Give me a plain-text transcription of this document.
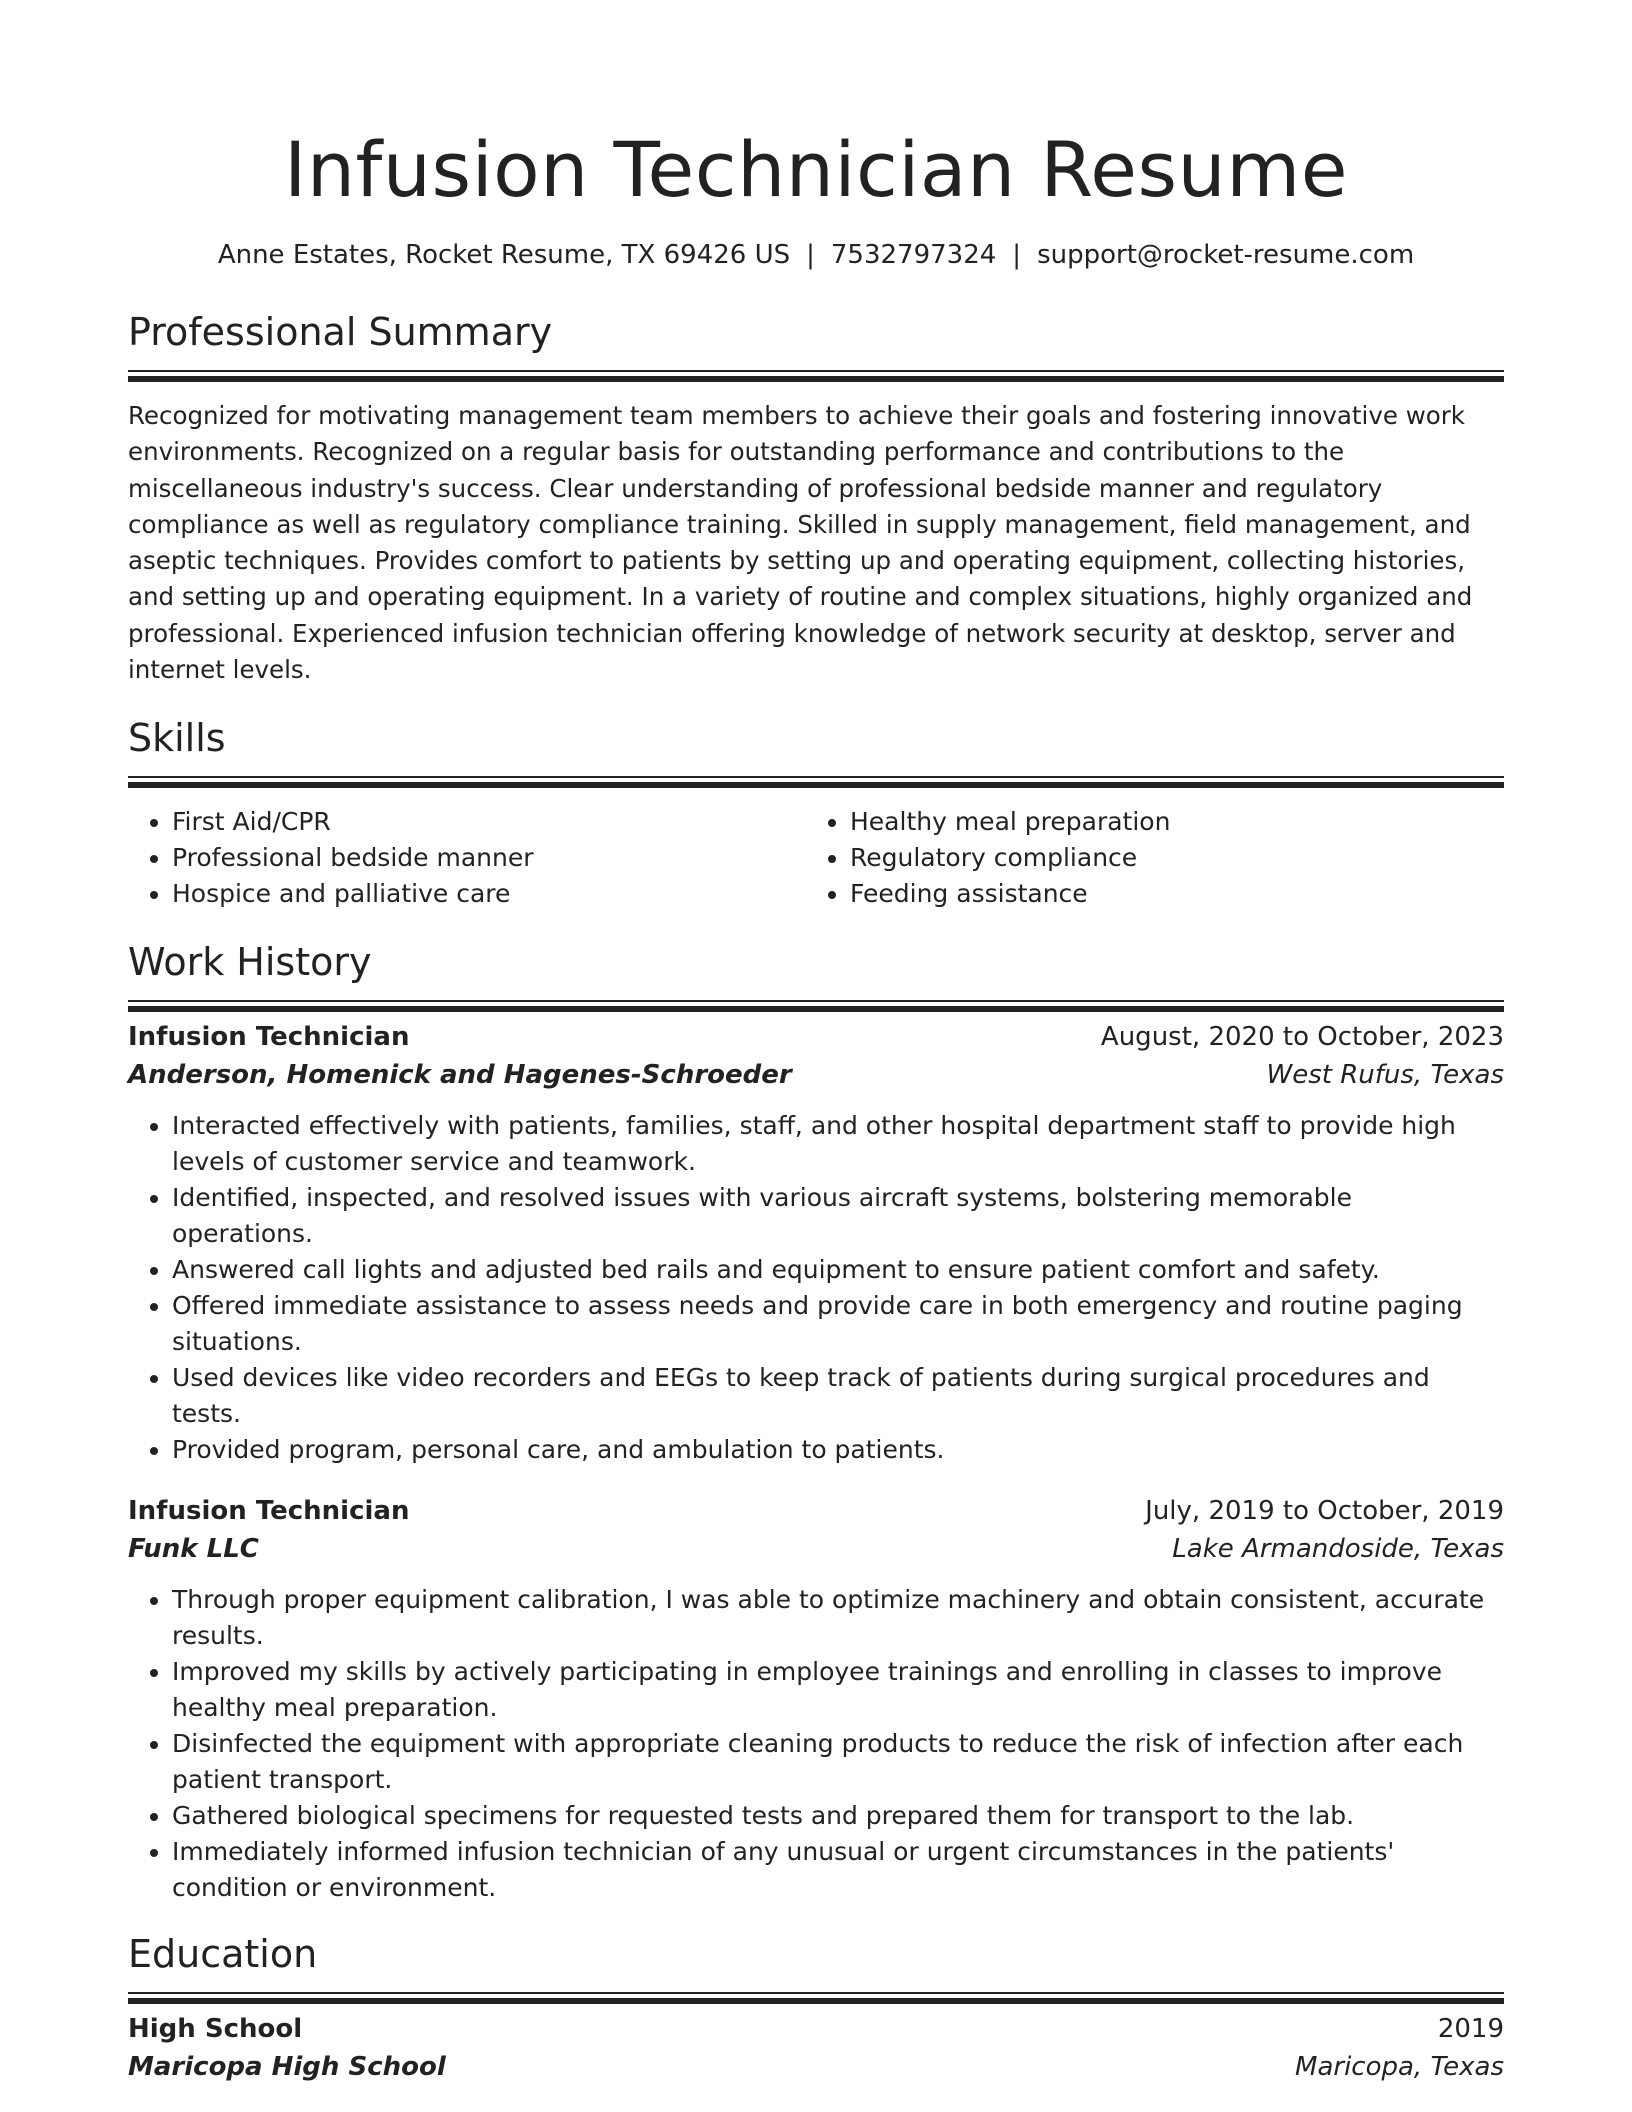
Infusion Technician Resume
Anne Estates, Rocket Resume, TX 69426 US | 7532797324 | support@rocket-resume.com
Professional Summary

Recognized for motivating management team members to achieve their goals and fostering innovative work environments. Recognized on a regular basis for outstanding performance and contributions to the miscellaneous industry's success. Clear understanding of professional bedside manner and regulatory compliance as well as regulatory compliance training. Skilled in supply management, field management, and aseptic techniques. Provides comfort to patients by setting up and operating equipment, collecting histories, and setting up and operating equipment. In a variety of routine and complex situations, highly organized and professional. Experienced infusion technician offering knowledge of network security at desktop, server and internet levels.

Skills
• First Aid/CPR
• Professional bedside manner
• Hospice and palliative care
• Healthy meal preparation
• Regulatory compliance
• Feeding assistance
Work History
Infusion Technician	August, 2020 to October, 2023
Anderson, Homenick and Hagenes-Schroeder	West Rufus, Texas
• Interacted effectively with patients, families, staff, and other hospital department staff to provide high levels of customer service and teamwork.
• Identified, inspected, and resolved issues with various aircraft systems, bolstering memorable operations.
• Answered call lights and adjusted bed rails and equipment to ensure patient comfort and safety.
• Offered immediate assistance to assess needs and provide care in both emergency and routine paging situations.
• Used devices like video recorders and EEGs to keep track of patients during surgical procedures and tests.
• Provided program, personal care, and ambulation to patients.
Infusion Technician	July, 2019 to October, 2019
Funk LLC	Lake Armandoside, Texas
• Through proper equipment calibration, I was able to optimize machinery and obtain consistent, accurate results.
• Improved my skills by actively participating in employee trainings and enrolling in classes to improve healthy meal preparation.
• Disinfected the equipment with appropriate cleaning products to reduce the risk of infection after each patient transport.
• Gathered biological specimens for requested tests and prepared them for transport to the lab.
• Immediately informed infusion technician of any unusual or urgent circumstances in the patients' condition or environment.
Education
High School	2019
Maricopa High School	Maricopa, Texas
